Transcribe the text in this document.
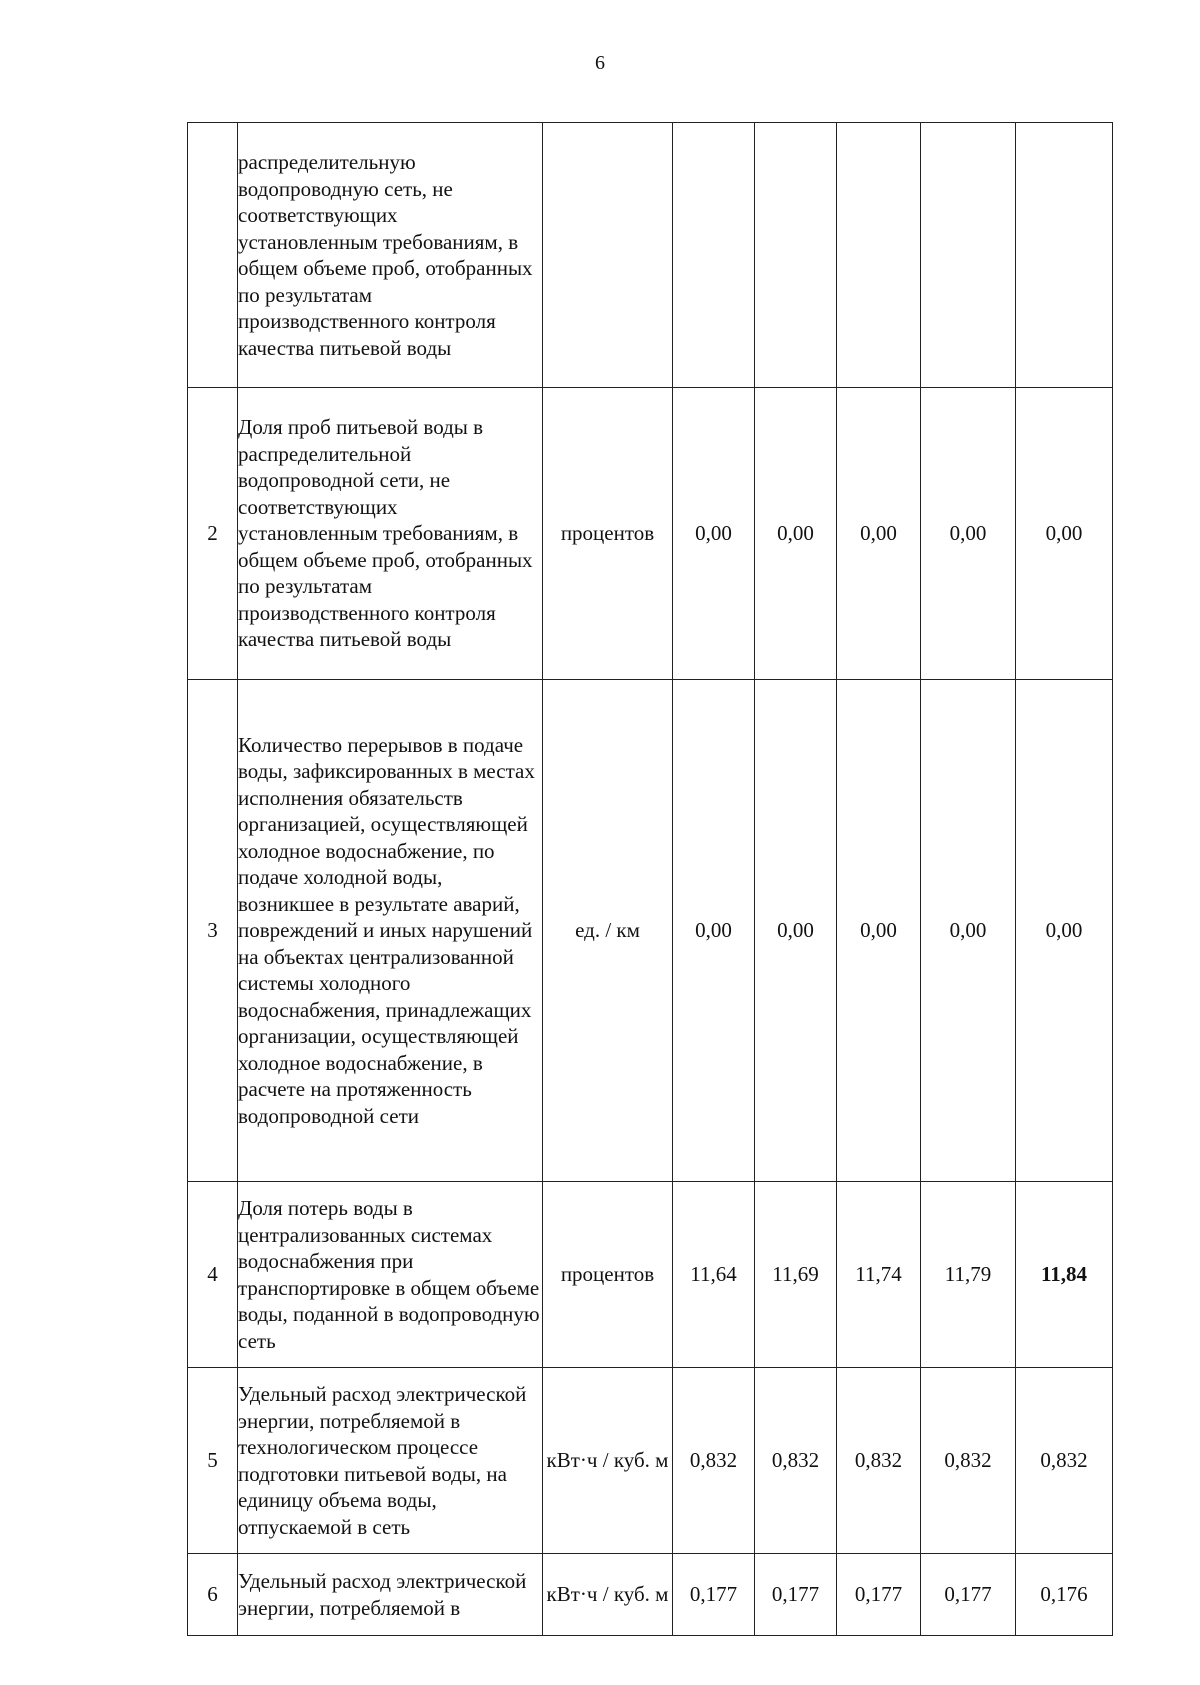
6
	распределительную водопроводную сеть, не соответствующих установленным требованиям, в общем объеме проб, отобранных по результатам производственного контроля качества питьевой воды						
2	Доля проб питьевой воды в распределительной водопроводной сети, не соответствующих установленным требованиям, в общем объеме проб, отобранных по результатам производственного контроля качества питьевой воды	процентов	0,00	0,00	0,00	0,00	0,00
3	Количество перерывов в подаче воды, зафиксированных в местах исполнения обязательств организацией, осуществляющей холодное водоснабжение, по подаче холодной воды, возникшее в результате аварий, повреждений и иных нарушений на объектах централизованной системы холодного водоснабжения, принадлежащих организации, осуществляющей холодное водоснабжение, в расчете на протяженность водопроводной сети	ед. / км	0,00	0,00	0,00	0,00	0,00
4	Доля потерь воды в централизованных системах водоснабжения при транспортировке в общем объеме воды, поданной в водопроводную сеть	процентов	11,64	11,69	11,74	11,79	11,84
5	Удельный расход электрической энергии, потребляемой в технологическом процессе подготовки питьевой воды, на единицу объема воды, отпускаемой в сеть	кВт·ч / куб. м	0,832	0,832	0,832	0,832	0,832
6	Удельный расход электрической энергии, потребляемой в	кВт·ч / куб. м	0,177	0,177	0,177	0,177	0,176
